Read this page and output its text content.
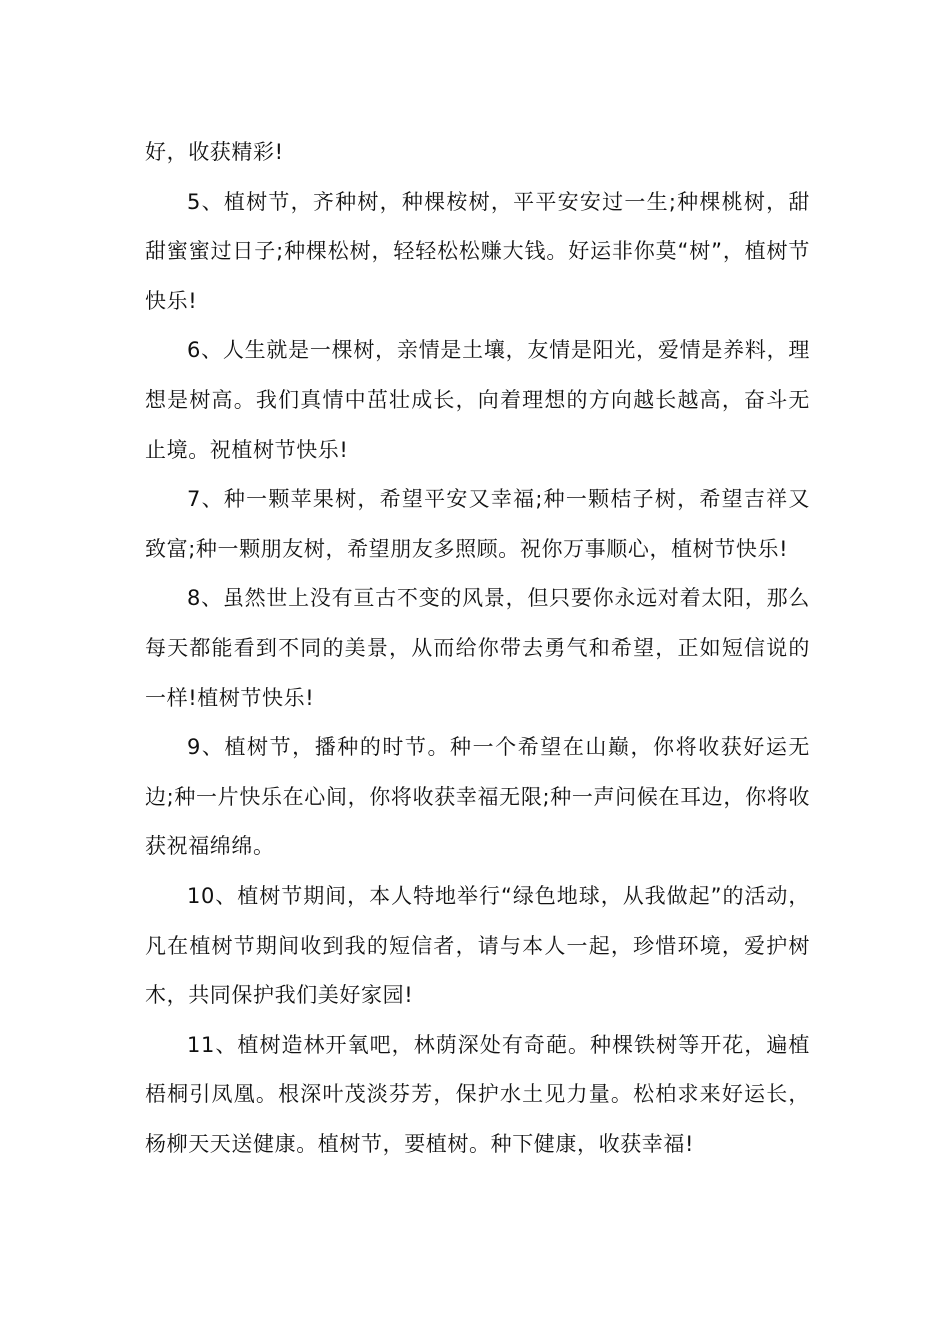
好，收获精彩!

5、植树节，齐种树，种棵桉树，平平安安过一生;种棵桃树，甜甜蜜蜜过日子;种棵松树，轻轻松松赚大钱。好运非你莫“树”，植树节快乐!

6、人生就是一棵树，亲情是土壤，友情是阳光，爱情是养料，理想是树高。我们真情中茁壮成长，向着理想的方向越长越高，奋斗无止境。祝植树节快乐!

7、种一颗苹果树，希望平安又幸福;种一颗桔子树，希望吉祥又致富;种一颗朋友树，希望朋友多照顾。祝你万事顺心，植树节快乐!

8、虽然世上没有亘古不变的风景，但只要你永远对着太阳，那么每天都能看到不同的美景，从而给你带去勇气和希望，正如短信说的一样!植树节快乐!

9、植树节，播种的时节。种一个希望在山巅，你将收获好运无边;种一片快乐在心间，你将收获幸福无限;种一声问候在耳边，你将收获祝福绵绵。

10、植树节期间，本人特地举行“绿色地球，从我做起”的活动，凡在植树节期间收到我的短信者，请与本人一起，珍惜环境，爱护树木，共同保护我们美好家园!

11、植树造林开氧吧，林荫深处有奇葩。种棵铁树等开花，遍植梧桐引凤凰。根深叶茂淡芬芳，保护水土见力量。松柏求来好运长，杨柳天天送健康。植树节，要植树。种下健康，收获幸福!
